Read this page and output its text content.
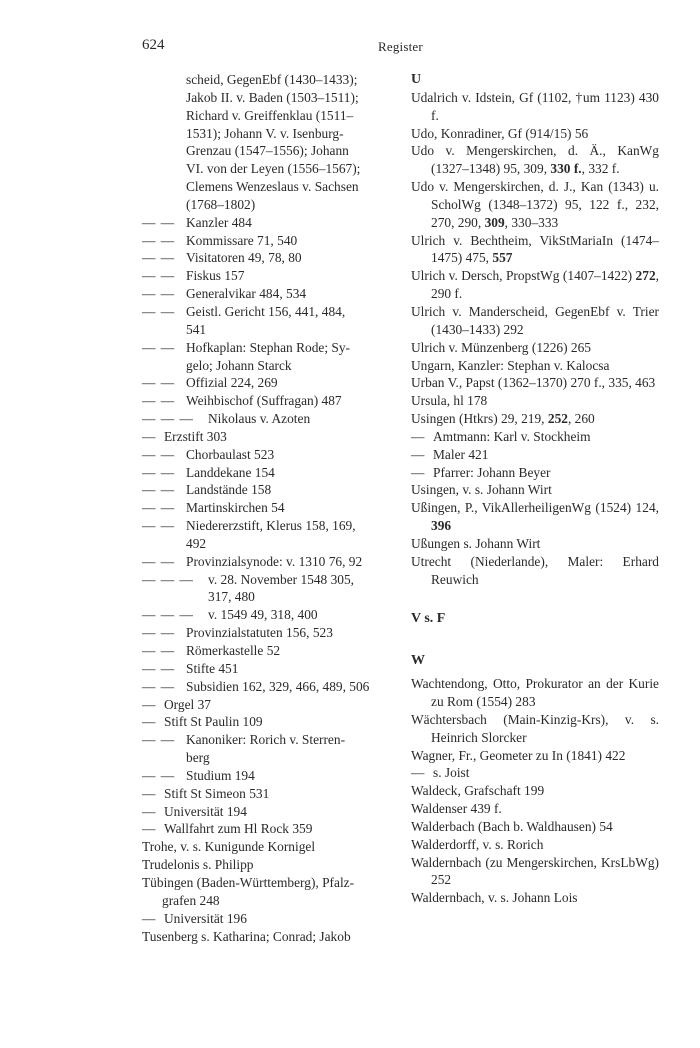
624	Register
scheid, GegenEbf (1430–1433);
Jakob II. v. Baden (1503–1511);
Richard v. Greiffenklau (1511–
1531); Johann V. v. Isenburg-
Grenzau (1547–1556); Johann
VI. von der Leyen (1556–1567);
Clemens Wenzeslaus v. Sachsen
(1768–1802)
— — Kanzler 484
— — Kommissare 71, 540
— — Visitatoren 49, 78, 80
— — Fiskus 157
— — Generalvikar 484, 534
— — Geistl. Gericht 156, 441, 484,
541
— — Hofkaplan: Stephan Rode; Sy-
gelo; Johann Starck
— — Offizial 224, 269
— — Weihbischof (Suffragan) 487
— — —	Nikolaus v. Azoten
— Erzstift 303
— — Chorbaulast 523
— — Landdekane 154
— — Landstände 158
— — Martinskirchen 54
— — Niedererzstift, Klerus 158, 169,
492
— — Provinzialsynode: v. 1310 76, 92
— — —	v. 28. November 1548 305,
317, 480
— — —	v. 1549 49, 318, 400
— — Provinzialstatuten 156, 523
— — Römerkastelle 52
— — Stifte 451
— — Subsidien 162, 329, 466, 489, 506
— Orgel 37
— Stift St Paulin 109
— — Kanoniker: Rorich v. Sterren-
berg
— — Studium 194
— Stift St Simeon 531
— Universität 194
— Wallfahrt zum Hl Rock 359
Trohe, v. s. Kunigunde Kornigel
Trudelonis s. Philipp
Tübingen (Baden-Württemberg), Pfalz-
grafen 248
— Universität 196
Tusenberg s. Katharina; Conrad; Jakob
U
Udalrich v. Idstein, Gf (1102, †um 1123) 430 f.
Udo, Konradiner, Gf (914/15) 56
Udo v. Mengerskirchen, d. Ä., KanWg (1327–1348) 95, 309, 330 f., 332 f.
Udo v. Mengerskirchen, d. J., Kan (1343) u. ScholWg (1348–1372) 95, 122 f., 232, 270, 290, 309, 330–333
Ulrich v. Bechtheim, VikStMariaIn (1474–1475) 475, 557
Ulrich v. Dersch, PropstWg (1407–1422) 272, 290 f.
Ulrich v. Manderscheid, GegenEbf v. Trier (1430–1433) 292
Ulrich v. Münzenberg (1226) 265
Ungarn, Kanzler: Stephan v. Kalocsa
Urban V., Papst (1362–1370) 270 f., 335, 463
Ursula, hl 178
Usingen (Htkrs) 29, 219, 252, 260
— Amtmann: Karl v. Stockheim
— Maler 421
— Pfarrer: Johann Beyer
Usingen, v. s. Johann Wirt
Ußingen, P., VikAllerheiligenWg (1524) 124, 396
Ußungen s. Johann Wirt
Utrecht (Niederlande), Maler: Erhard Reuwich
V s. F
W
Wachtendong, Otto, Prokurator an der Kurie zu Rom (1554) 283
Wächtersbach (Main-Kinzig-Krs), v. s. Heinrich Slorcker
Wagner, Fr., Geometer zu In (1841) 422
— s. Joist
Waldeck, Grafschaft 199
Waldenser 439 f.
Walderbach (Bach b. Waldhausen) 54
Walderdorff, v. s. Rorich
Waldernbach (zu Mengerskirchen, KrsLbWg) 252
Waldernbach, v. s. Johann Lois
